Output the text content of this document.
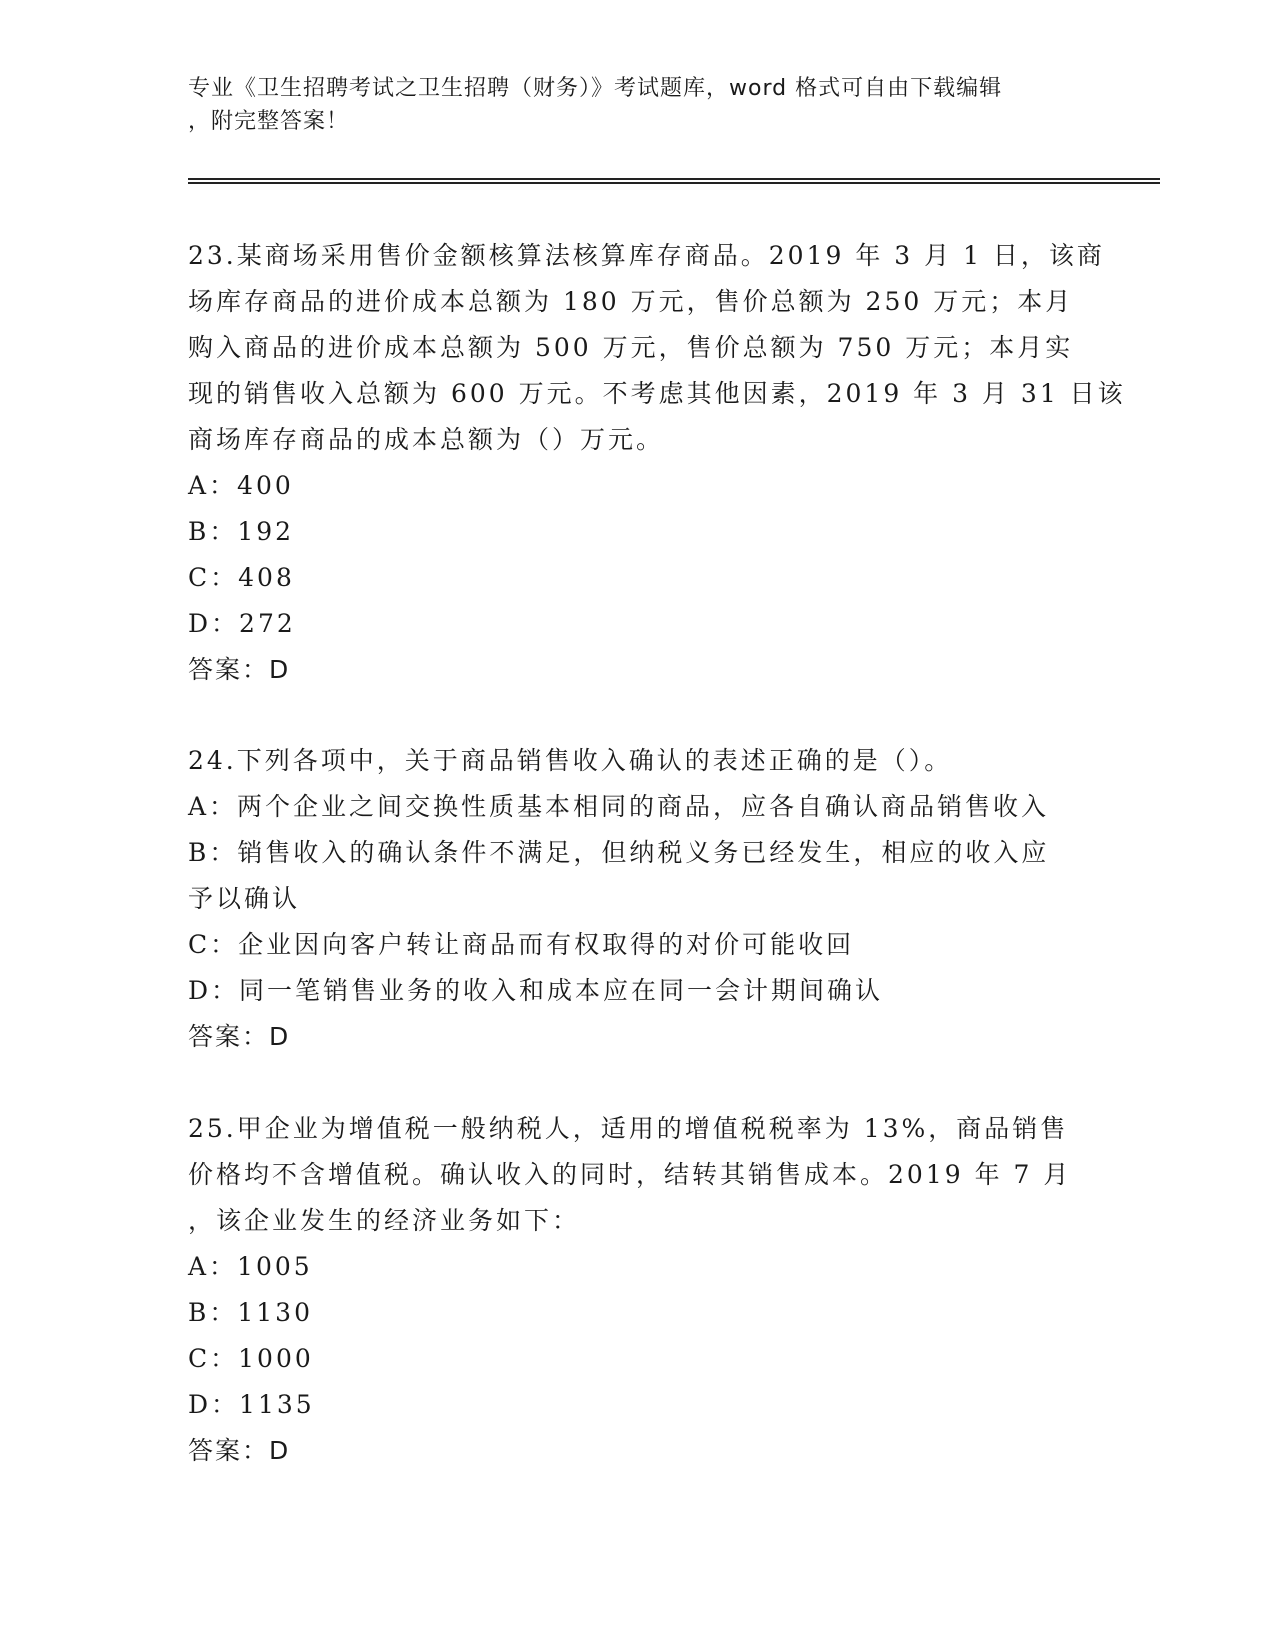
专业《卫生招聘考试之卫生招聘（财务）》考试题库，word 格式可自由下载编辑
，附完整答案！
23.某商场采用售价金额核算法核算库存商品。2019 年 3 月 1 日，该商
场库存商品的进价成本总额为 180 万元，售价总额为 250 万元；本月
购入商品的进价成本总额为 500 万元，售价总额为 750 万元；本月实
现的销售收入总额为 600 万元。不考虑其他因素，2019 年 3 月 31 日该
商场库存商品的成本总额为（）万元。
A：400
B：192
C：408
D：272
答案：D
24.下列各项中，关于商品销售收入确认的表述正确的是（）。
A：两个企业之间交换性质基本相同的商品，应各自确认商品销售收入
B：销售收入的确认条件不满足，但纳税义务已经发生，相应的收入应
予以确认
C：企业因向客户转让商品而有权取得的对价可能收回
D：同一笔销售业务的收入和成本应在同一会计期间确认
答案：D
25.甲企业为增值税一般纳税人，适用的增值税税率为 13%，商品销售
价格均不含增值税。确认收入的同时，结转其销售成本。2019 年 7 月
，该企业发生的经济业务如下：
A：1005
B：1130
C：1000
D：1135
答案：D
